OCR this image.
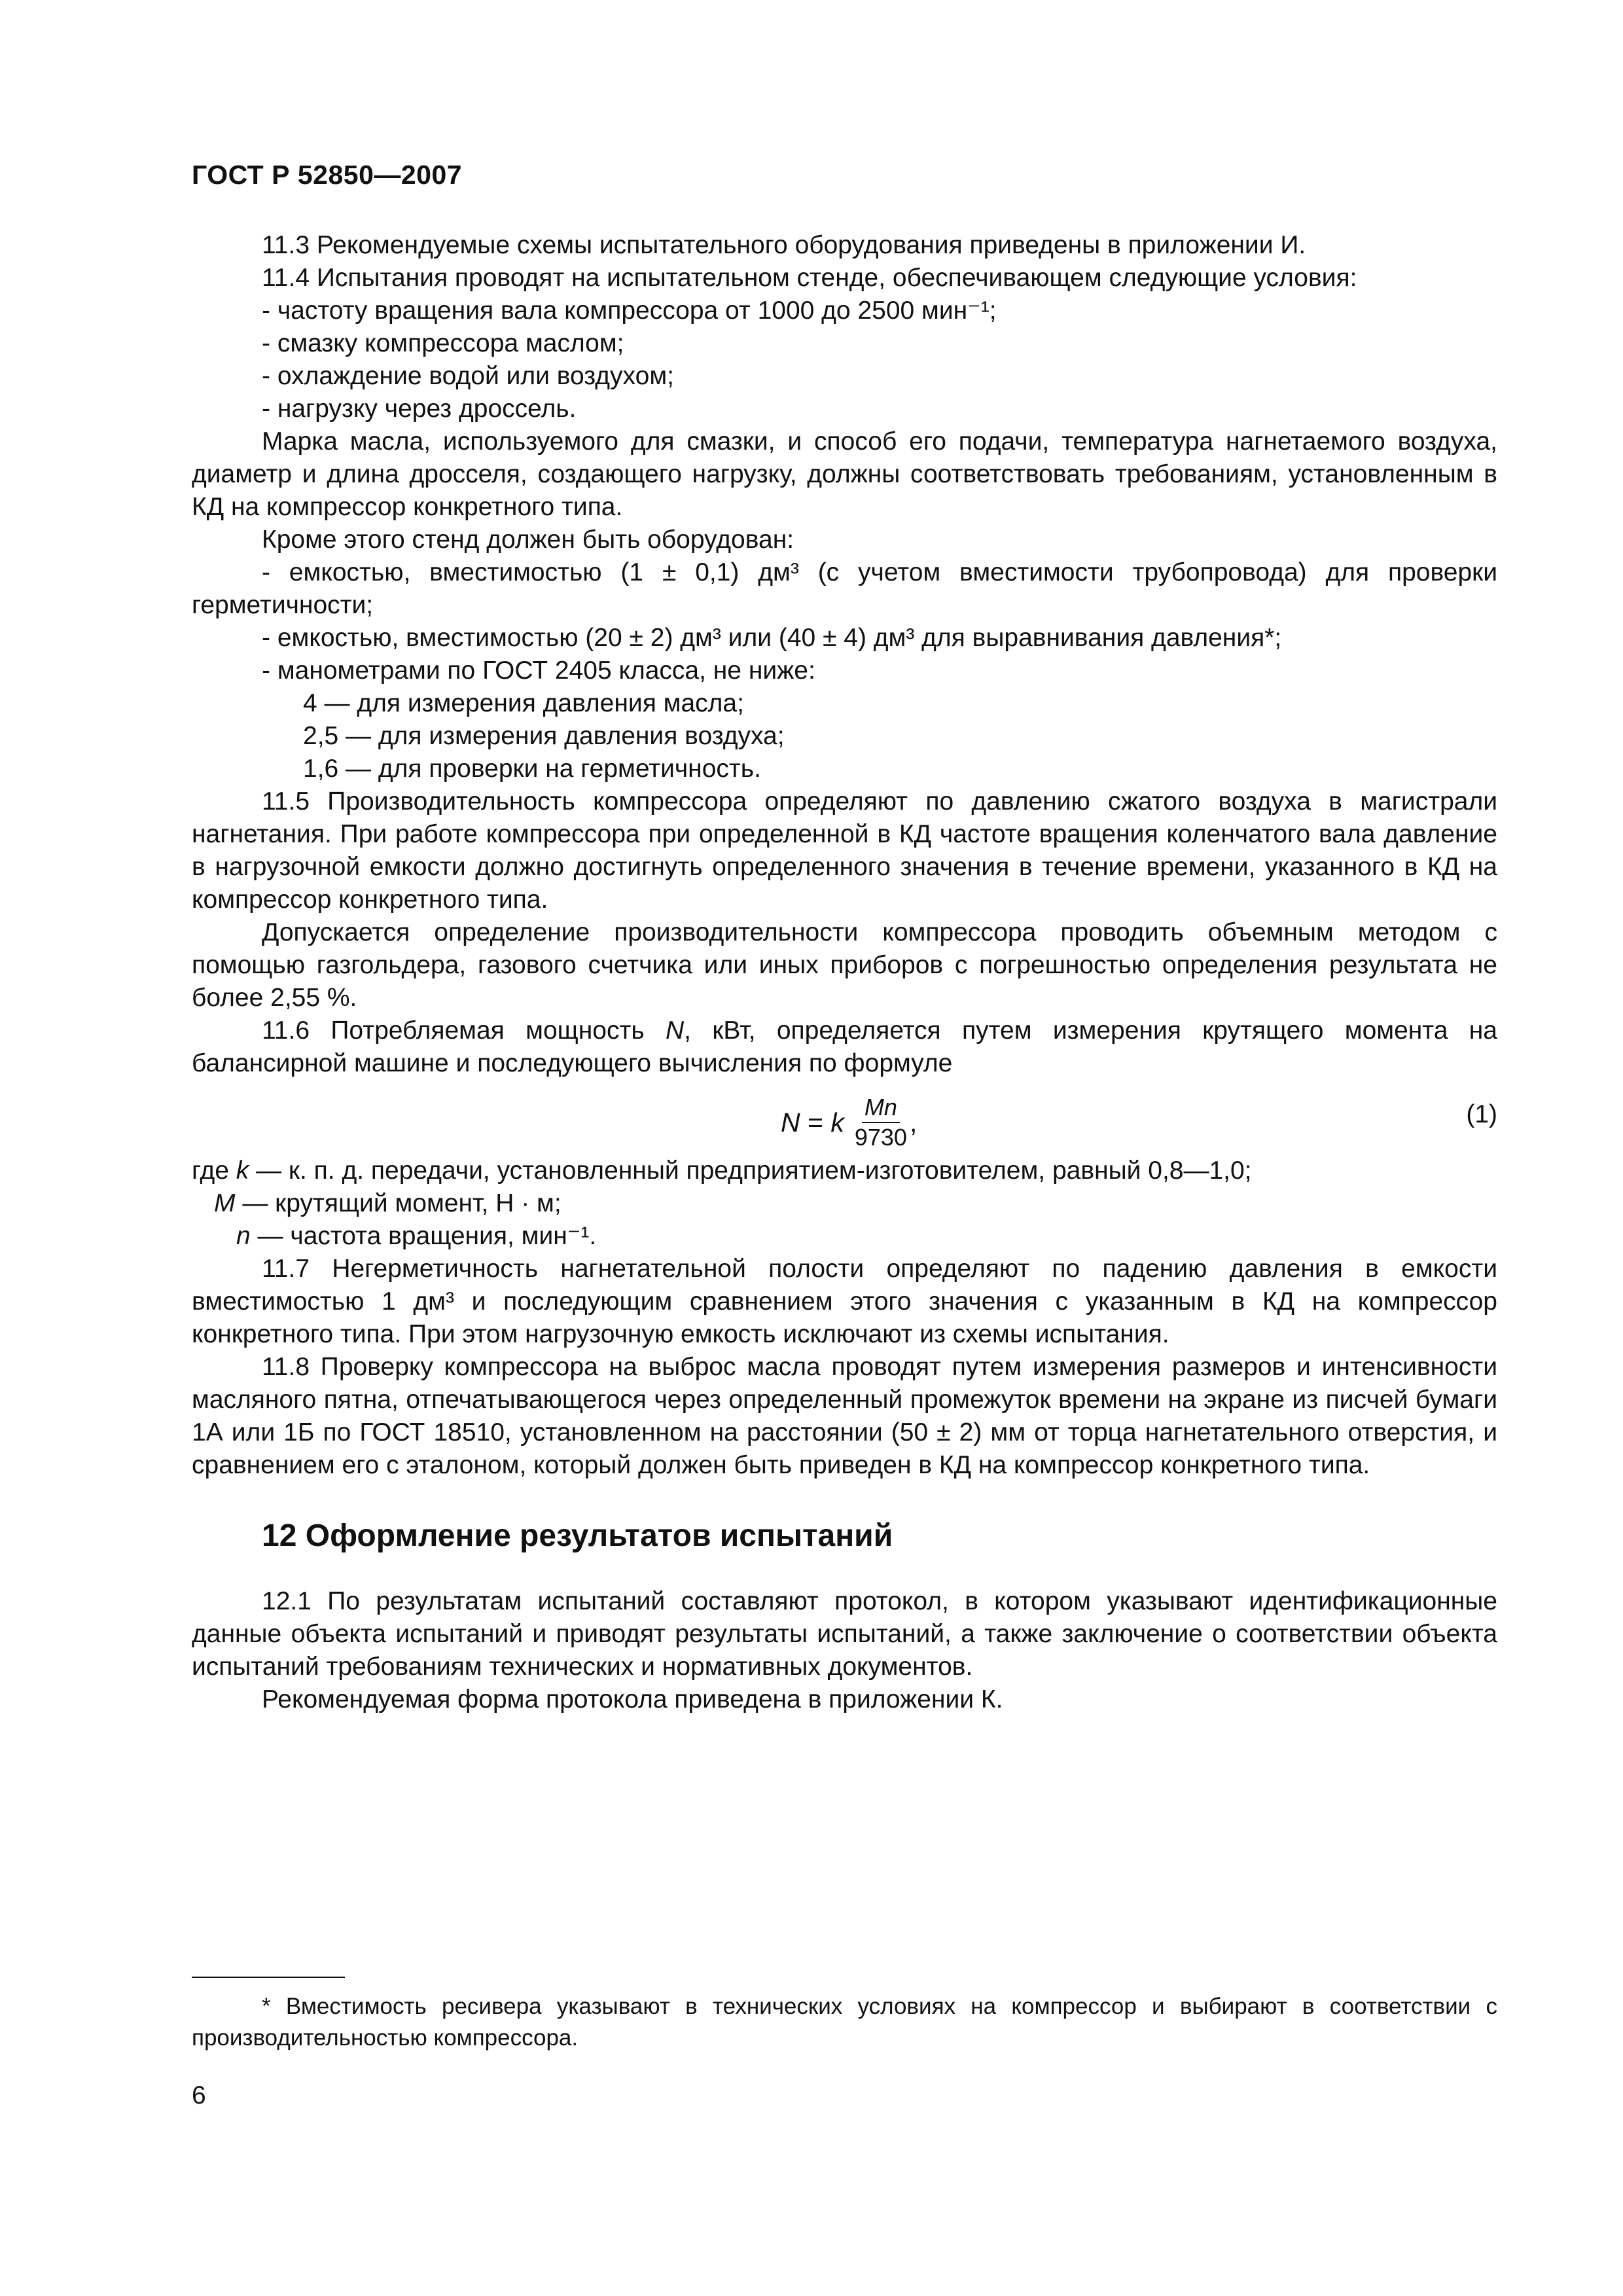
ГОСТ Р 52850—2007

11.3 Рекомендуемые схемы испытательного оборудования приведены в приложении И.

11.4 Испытания проводят на испытательном стенде, обеспечивающем следующие условия:

- частоту вращения вала компрессора от 1000 до 2500 мин⁻¹;

- смазку компрессора маслом;

- охлаждение водой или воздухом;

- нагрузку через дроссель.

Марка масла, используемого для смазки, и способ его подачи, температура нагнетаемого воздуха, диаметр и длина дросселя, создающего нагрузку, должны соответствовать требованиям, установленным в КД на компрессор конкретного типа.

Кроме этого стенд должен быть оборудован:

- емкостью, вместимостью (1 ± 0,1) дм³ (с учетом вместимости трубопровода) для проверки герметичности;

- емкостью, вместимостью (20 ± 2) дм³ или (40 ± 4) дм³ для выравнивания давления*;

- манометрами по ГОСТ 2405 класса, не ниже:

4 — для измерения давления масла;

2,5 — для измерения давления воздуха;

1,6 — для проверки на герметичность.

11.5 Производительность компрессора определяют по давлению сжатого воздуха в магистрали нагнетания. При работе компрессора при определенной в КД частоте вращения коленчатого вала давление в нагрузочной емкости должно достигнуть определенного значения в течение времени, указанного в КД на компрессор конкретного типа.

Допускается определение производительности компрессора проводить объемным методом с помощью газгольдера, газового счетчика или иных приборов с погрешностью определения результата не более 2,55 %.

11.6 Потребляемая мощность N, кВт, определяется путем измерения крутящего момента на балансирной машине и последующего вычисления по формуле

N = k $\frac{Mn}{9730}$ ,	(1)

где k — к. п. д. передачи, установленный предприятием-изготовителем, равный 0,8—1,0;

M — крутящий момент, Н · м;

n — частота вращения, мин⁻¹.

11.7 Негерметичность нагнетательной полости определяют по падению давления в емкости вместимостью 1 дм³ и последующим сравнением этого значения с указанным в КД на компрессор конкретного типа. При этом нагрузочную емкость исключают из схемы испытания.

11.8 Проверку компрессора на выброс масла проводят путем измерения размеров и интенсивности масляного пятна, отпечатывающегося через определенный промежуток времени на экране из писчей бумаги 1А или 1Б по ГОСТ 18510, установленном на расстоянии (50 ± 2) мм от торца нагнетательного отверстия, и сравнением его с эталоном, который должен быть приведен в КД на компрессор конкретного типа.

12 Оформление результатов испытаний

12.1 По результатам испытаний составляют протокол, в котором указывают идентификационные данные объекта испытаний и приводят результаты испытаний, а также заключение о соответствии объекта испытаний требованиям технических и нормативных документов.

Рекомендуемая форма протокола приведена в приложении К.

* Вместимость ресивера указывают в технических условиях на компрессор и выбирают в соответствии с производительностью компрессора.

6
